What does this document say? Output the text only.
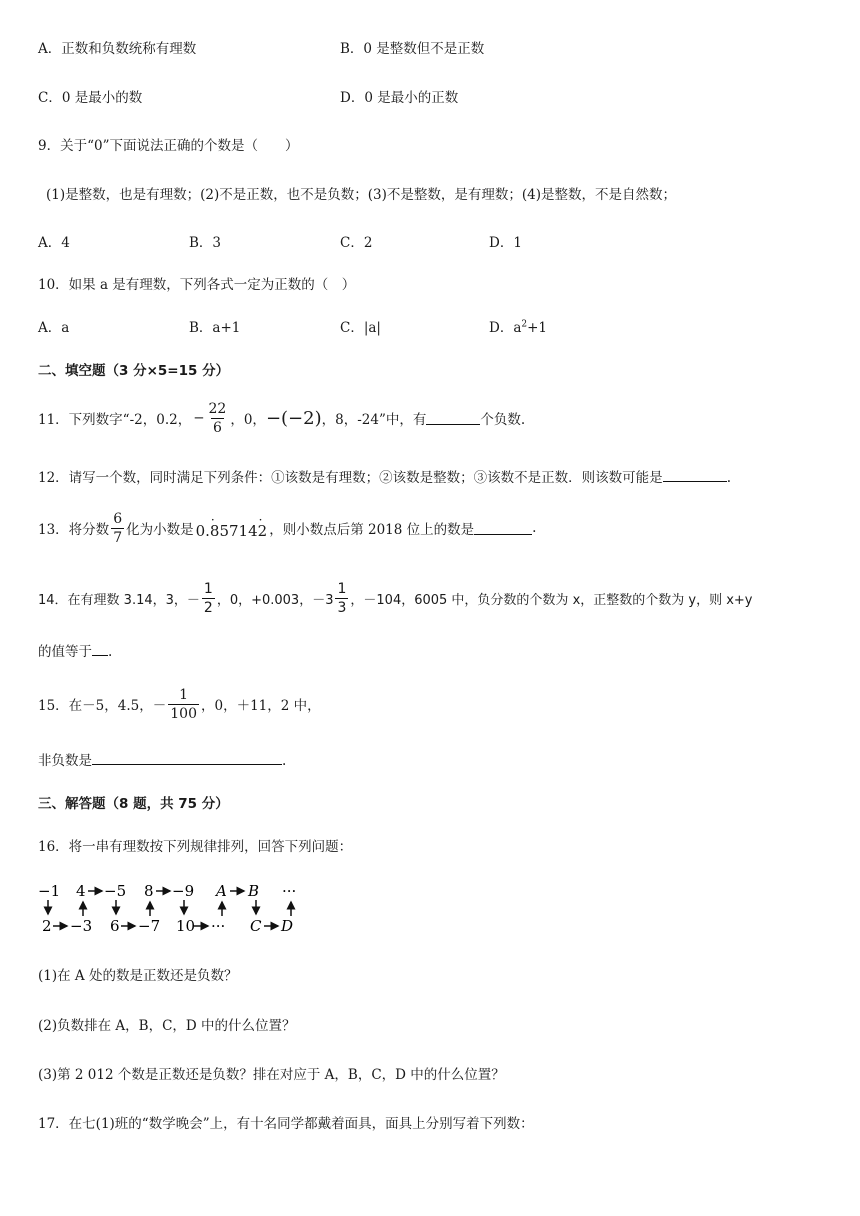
A．正数和负数统称有理数	B．0 是整数但不是正数
C．0 是最小的数	D．0 是最小的正数
9．关于“0”下面说法正确的个数是（　　）
(1)是整数，也是有理数；(2)不是正数，也不是负数；(3)不是整数，是有理数；(4)是整数，不是自然数；
A．4	B．3	C．2	D．1
10．如果 a 是有理数，下列各式一定为正数的（　）
A．a	B．a+1	C．|a|	D．$a^2+1$
二、填空题（3 分×5=15 分）
11．下列数字“-2，0.2， − $\frac{22}{6}$ ，0， −(−2) ，8，-24”中，有	个负数.
12．请写一个数，同时满足下列条件：①该数是有理数；②该数是整数；③该数不是正数．则该数可能是	.
13．将分数 $\frac{6}{7}$ 化为小数是 0.· 85714· 2 ，则小数点后第 2018 位上的数是	.
14．在有理数 3.14，3，－ $\frac{1}{2}$ ，0，+0.003，$-3 \frac{1}{3}$ ，－104，6005 中，负分数的个数为 x，正整数的个数为 y，则 x+y
的值等于 .
15．在－5，4.5，－ $\frac{1}{100}$ ，0，＋11，2 中，
非负数是	.
三、解答题（8 题，共 75 分）
16．将一串有理数按下列规律排列，回答下列问题：
−1 4 −5 8 −9 A B ···
2 −3 6 −7 10 ··· C D
(1)在 A 处的数是正数还是负数？
(2)负数排在 A，B，C，D 中的什么位置？
(3)第 2 012 个数是正数还是负数？排在对应于 A，B，C，D 中的什么位置？
17．在七(1)班的“数学晚会”上，有十名同学都戴着面具，面具上分别写着下列数：
